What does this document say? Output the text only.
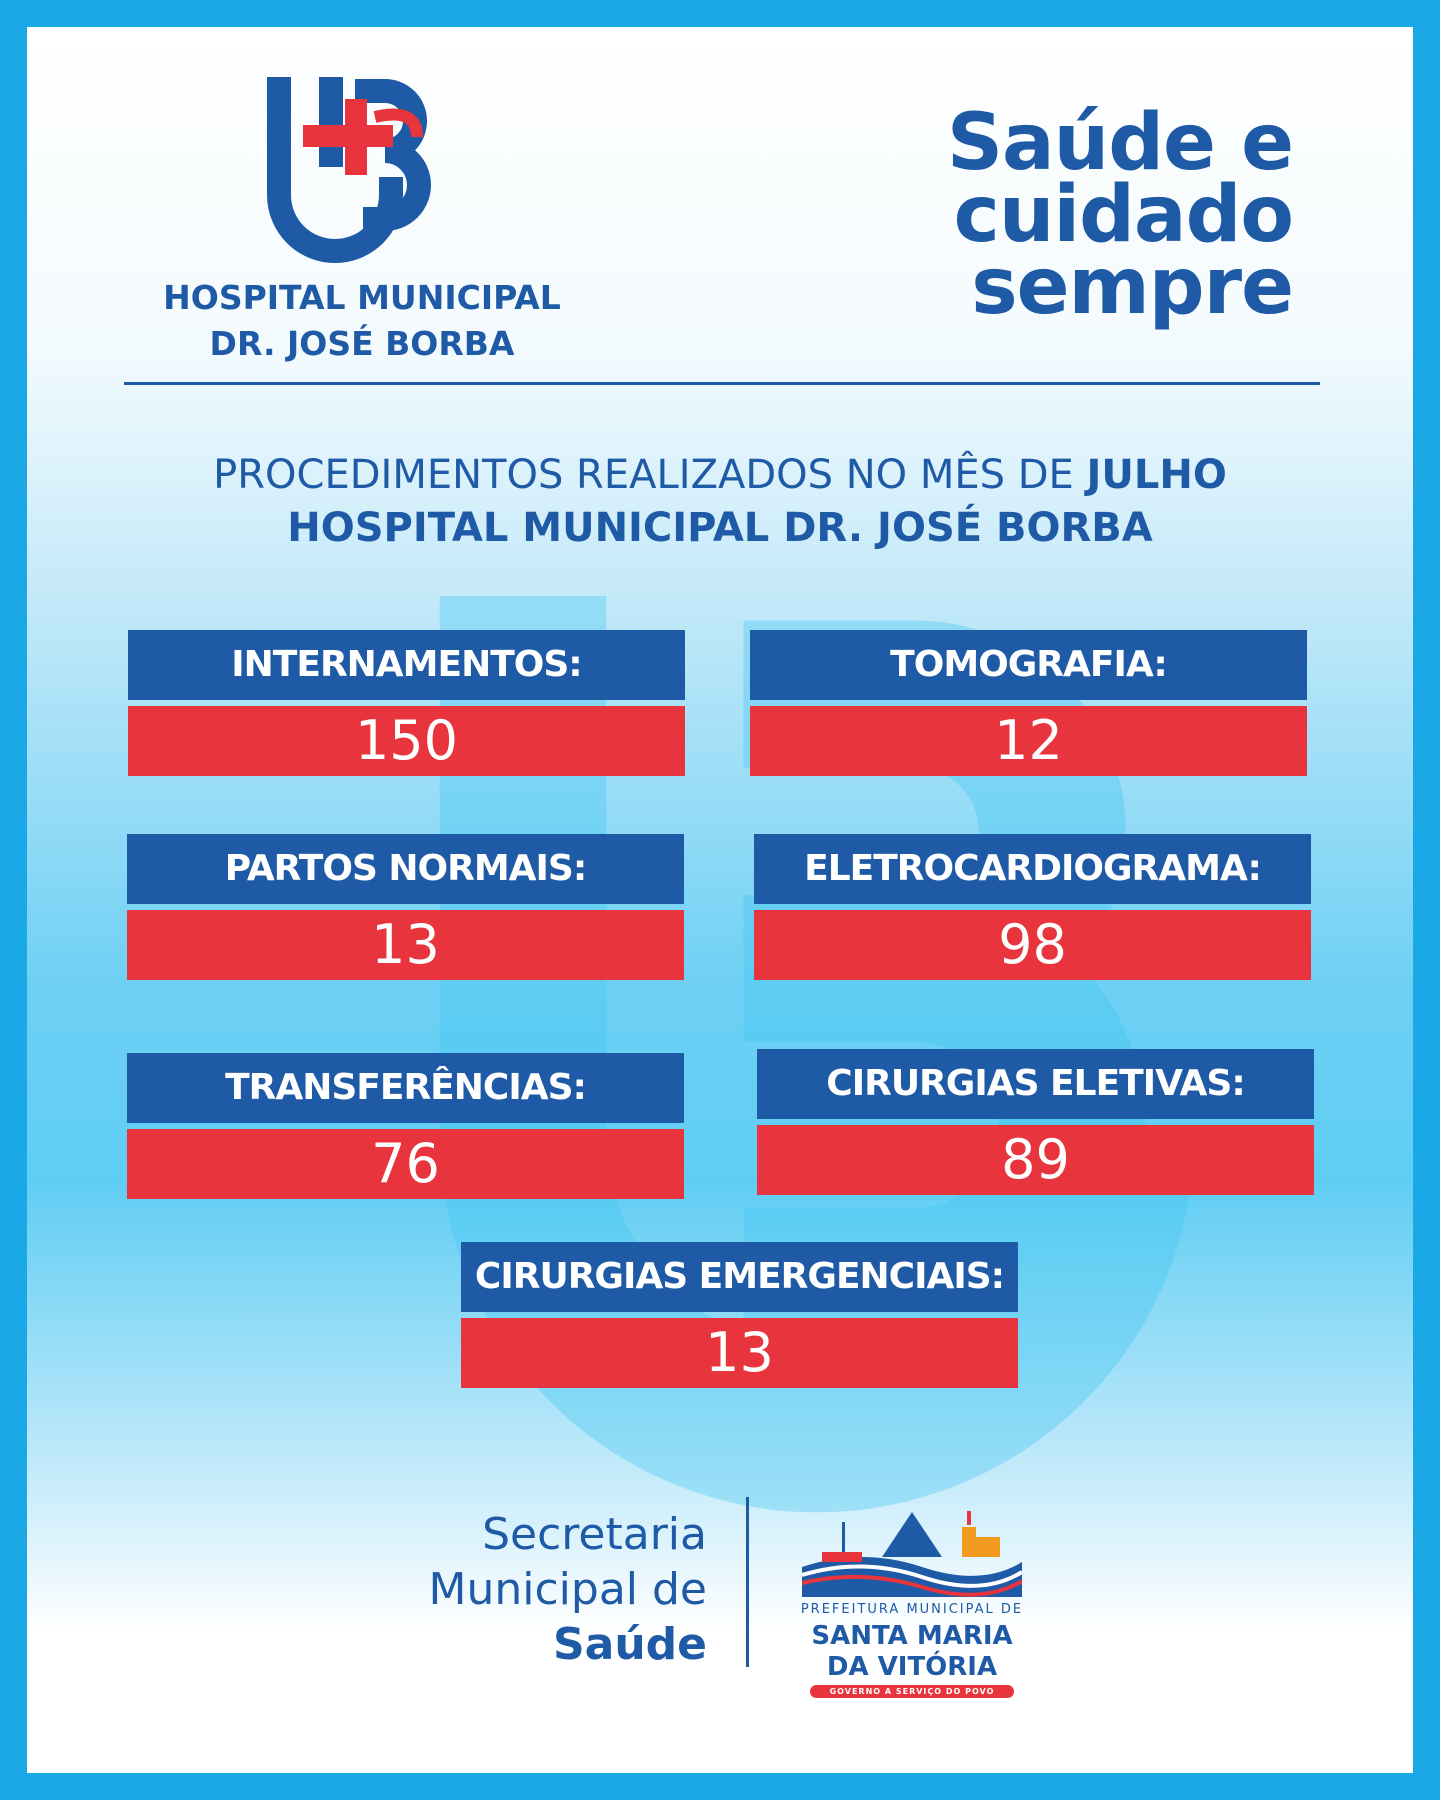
HOSPITAL MUNICIPAL
DR. JOSÉ BORBA
Saúde e
cuidado
sempre
PROCEDIMENTOS REALIZADOS NO MÊS DE JULHO
HOSPITAL MUNICIPAL DR. JOSÉ BORBA
INTERNAMENTOS:
150
TOMOGRAFIA:
12
PARTOS NORMAIS:
13
ELETROCARDIOGRAMA:
98
TRANSFERÊNCIAS:
76
CIRURGIAS ELETIVAS:
89
CIRURGIAS EMERGENCIAIS:
13
Secretaria
Municipal de
Saúde
PREFEITURA MUNICIPAL DE
SANTA MARIA
DA VITÓRIA
GOVERNO A SERVIÇO DO POVO
